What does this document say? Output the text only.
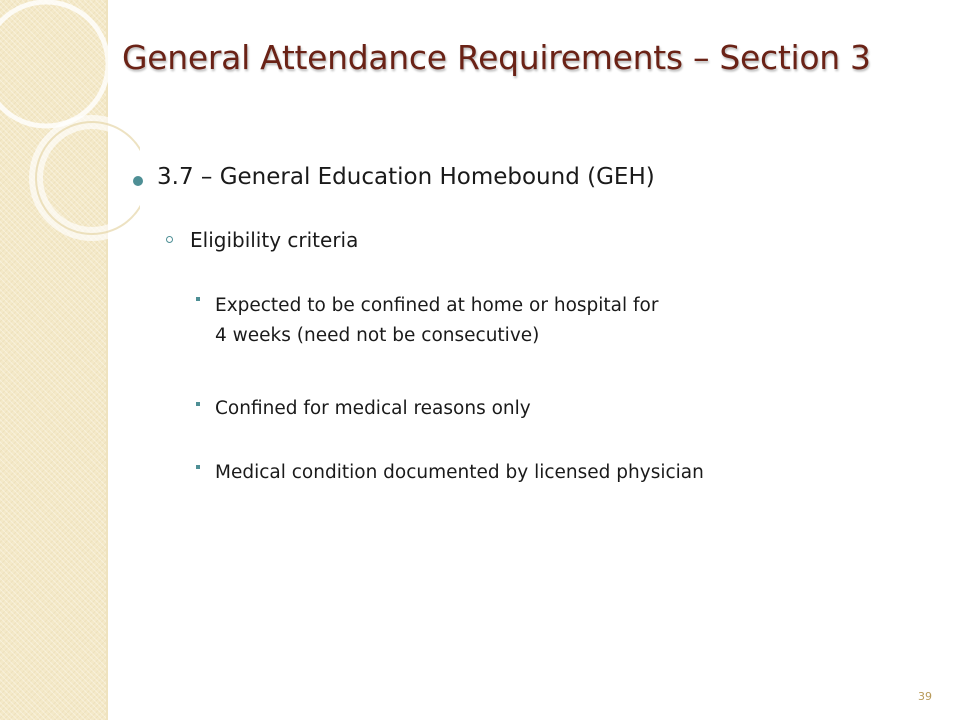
General Attendance Requirements – Section 3
3.7 – General Education Homebound (GEH)
Eligibility criteria
Expected to be confined at home or hospital for
4 weeks (need not be consecutive)
Confined for medical reasons only
Medical condition documented by licensed physician
39
